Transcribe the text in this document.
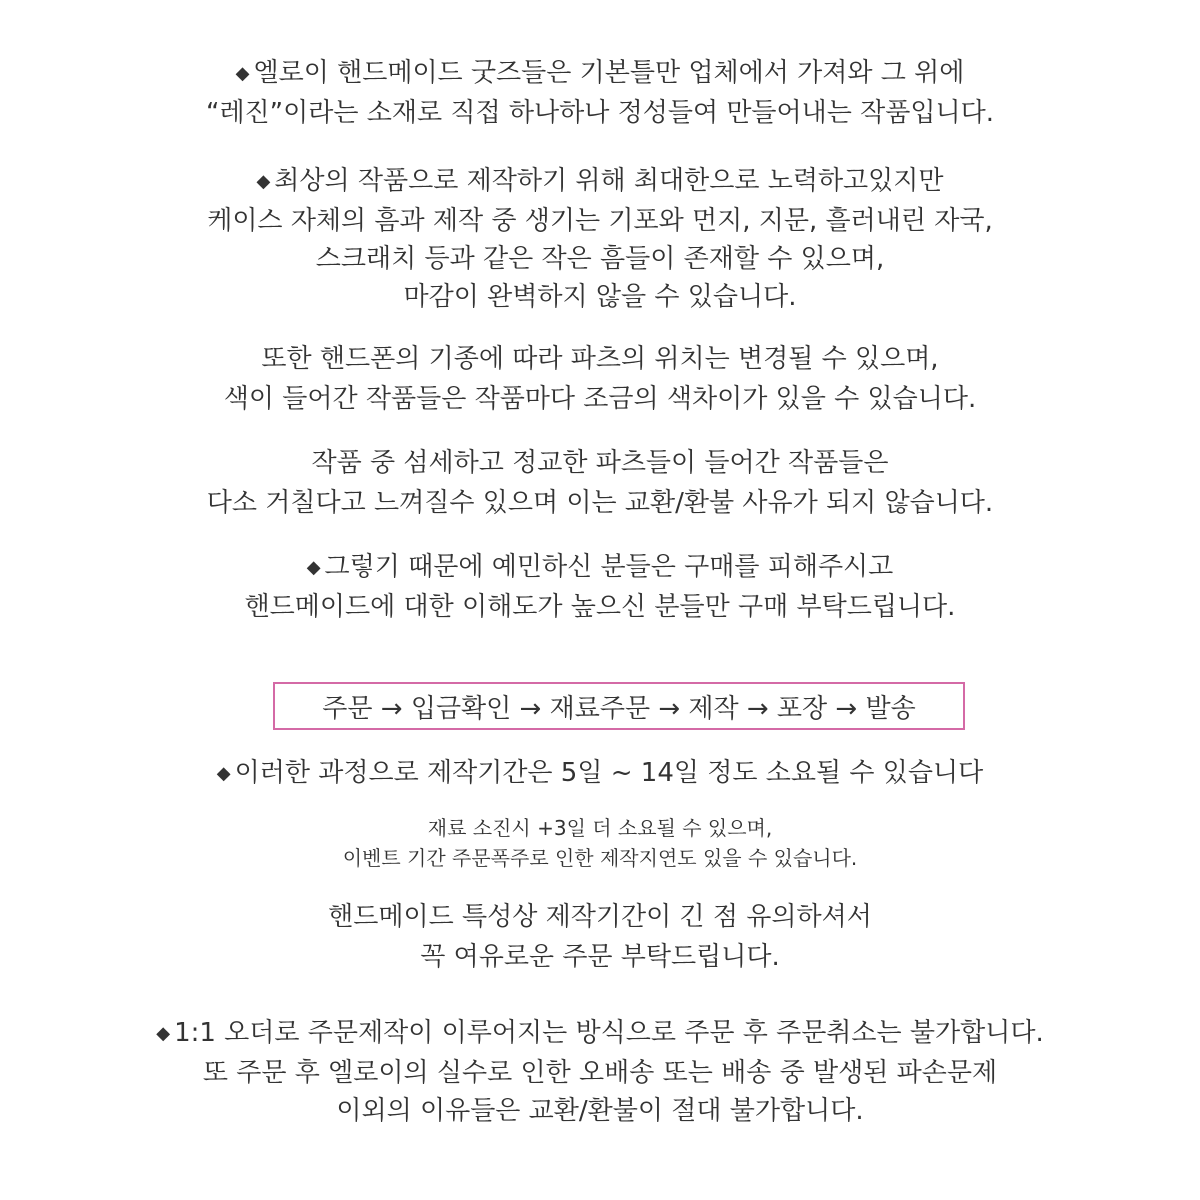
◆ 엘로이 핸드메이드 굿즈들은 기본틀만 업체에서 가져와 그 위에
“레진”이라는 소재로 직접 하나하나 정성들여 만들어내는 작품입니다.
◆ 최상의 작품으로 제작하기 위해 최대한으로 노력하고있지만
케이스 자체의 흠과 제작 중 생기는 기포와 먼지, 지문, 흘러내린 자국,
스크래치 등과 같은 작은 흠들이 존재할 수 있으며,
마감이 완벽하지 않을 수 있습니다.
또한 핸드폰의 기종에 따라 파츠의 위치는 변경될 수 있으며,
색이 들어간 작품들은 작품마다 조금의 색차이가 있을 수 있습니다.
작품 중 섬세하고 정교한 파츠들이 들어간 작품들은
다소 거칠다고 느껴질수 있으며 이는 교환/환불 사유가 되지 않습니다.
◆ 그렇기 때문에 예민하신 분들은 구매를 피해주시고
핸드메이드에 대한 이해도가 높으신 분들만 구매 부탁드립니다.
주문 → 입금확인 → 재료주문 → 제작 → 포장 → 발송
◆ 이러한 과정으로 제작기간은 5일 ~ 14일 정도 소요될 수 있습니다
재료 소진시 +3일 더 소요될 수 있으며,
이벤트 기간 주문폭주로 인한 제작지연도 있을 수 있습니다.
핸드메이드 특성상 제작기간이 긴 점 유의하셔서
꼭 여유로운 주문 부탁드립니다.
◆ 1:1 오더로 주문제작이 이루어지는 방식으로 주문 후 주문취소는 불가합니다.
또 주문 후 엘로이의 실수로 인한 오배송 또는 배송 중 발생된 파손문제
이외의 이유들은 교환/환불이 절대 불가합니다.
